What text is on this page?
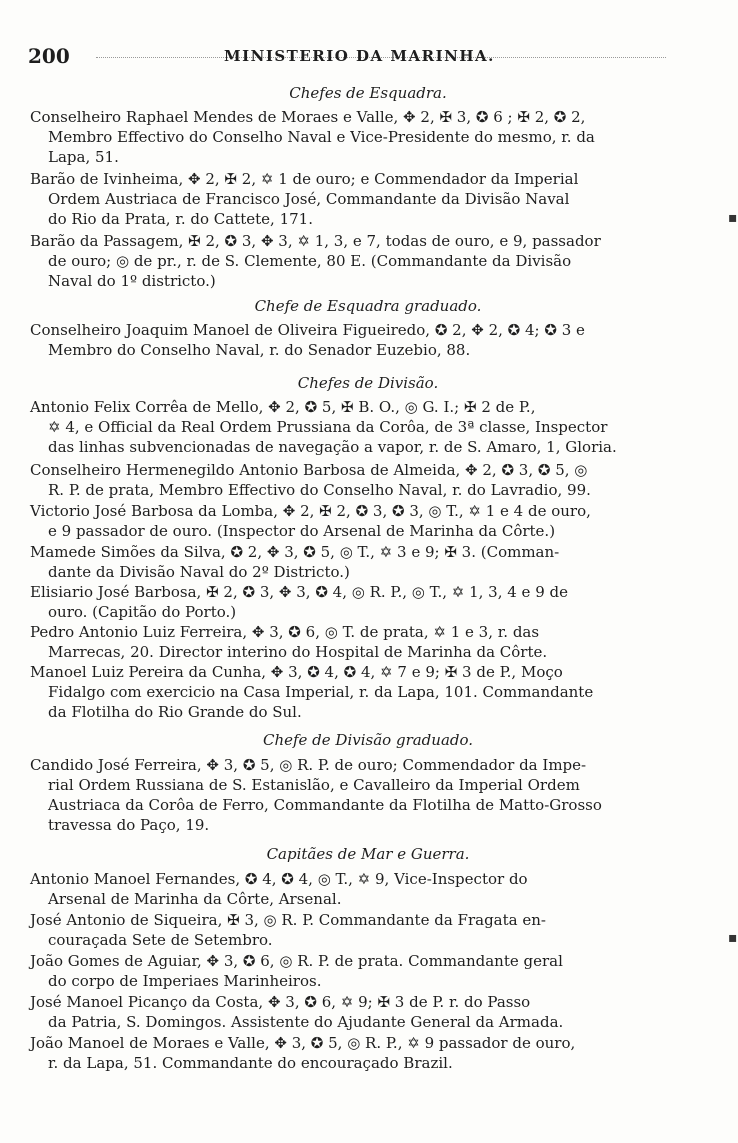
200	MINISTERIO DA MARINHA.
Chefes de Esquadra.
Conselheiro Raphael Mendes de Moraes e Valle, ✥ 2, ✠ 3, ✪ 6 ; ✠ 2, ✪ 2,
Membro Effectivo do Conselho Naval e Vice-Presidente do mesmo, r. da
Lapa, 51.
Barão de Ivinheima, ✥ 2, ✠ 2, ✡ 1 de ouro; e Commendador da Imperial
Ordem Austriaca de Francisco José, Commandante da Divisão Naval
do Rio da Prata, r. do Cattete, 171.
Barão da Passagem, ✠ 2, ✪ 3, ✥ 3, ✡ 1, 3, e 7, todas de ouro, e 9, passador
de ouro; ◎ de pr., r. de S. Clemente, 80 E. (Commandante da Divisão
Naval do 1º districto.)
Chefe de Esquadra graduado.
Conselheiro Joaquim Manoel de Oliveira Figueiredo, ✪ 2, ✥ 2, ✪ 4; ✪ 3 e
Membro do Conselho Naval, r. do Senador Euzebio, 88.
Chefes de Divisão.
Antonio Felix Corrêa de Mello, ✥ 2, ✪ 5, ✠ B. O., ◎ G. I.; ✠ 2 de P.,
✡ 4, e Official da Real Ordem Prussiana da Corôa, de 3ª classe, Inspector
das linhas subvencionadas de navegação a vapor, r. de S. Amaro, 1, Gloria.
Conselheiro Hermenegildo Antonio Barbosa de Almeida, ✥ 2, ✪ 3, ✪ 5, ◎
R. P. de prata, Membro Effectivo do Conselho Naval, r. do Lavradio, 99.
Victorio José Barbosa da Lomba, ✥ 2, ✠ 2, ✪ 3, ✪ 3, ◎ T., ✡ 1 e 4 de ouro,
e 9 passador de ouro. (Inspector do Arsenal de Marinha da Côrte.)
Mamede Simões da Silva, ✪ 2, ✥ 3, ✪ 5, ◎ T., ✡ 3 e 9; ✠ 3. (Comman-
dante da Divisão Naval do 2º Districto.)
Elisiario José Barbosa, ✠ 2, ✪ 3, ✥ 3, ✪ 4, ◎ R. P., ◎ T., ✡ 1, 3, 4 e 9 de
ouro. (Capitão do Porto.)
Pedro Antonio Luiz Ferreira, ✥ 3, ✪ 6, ◎ T. de prata, ✡ 1 e 3, r. das
Marrecas, 20. Director interino do Hospital de Marinha da Côrte.
Manoel Luiz Pereira da Cunha, ✥ 3, ✪ 4, ✪ 4, ✡ 7 e 9; ✠ 3 de P., Moço
Fidalgo com exercicio na Casa Imperial, r. da Lapa, 101. Commandante
da Flotilha do Rio Grande do Sul.
Chefe de Divisão graduado.
Candido José Ferreira, ✥ 3, ✪ 5, ◎ R. P. de ouro; Commendador da Impe-
rial Ordem Russiana de S. Estanislão, e Cavalleiro da Imperial Ordem
Austriaca da Corôa de Ferro, Commandante da Flotilha de Matto-Grosso
travessa do Paço, 19.
Capitães de Mar e Guerra.
Antonio Manoel Fernandes, ✪ 4, ✪ 4, ◎ T., ✡ 9, Vice-Inspector do
Arsenal de Marinha da Côrte, Arsenal.
José Antonio de Siqueira, ✠ 3, ◎ R. P. Commandante da Fragata en-
couraçada Sete de Setembro.
João Gomes de Aguiar, ✥ 3, ✪ 6, ◎ R. P. de prata. Commandante geral
do corpo de Imperiaes Marinheiros.
José Manoel Picanço da Costa, ✥ 3, ✪ 6, ✡ 9; ✠ 3 de P. r. do Passo
da Patria, S. Domingos. Assistente do Ajudante General da Armada.
João Manoel de Moraes e Valle, ✥ 3, ✪ 5, ◎ R. P., ✡ 9 passador de ouro,
r. da Lapa, 51. Commandante do encouraçado Brazil.
▪
▪
